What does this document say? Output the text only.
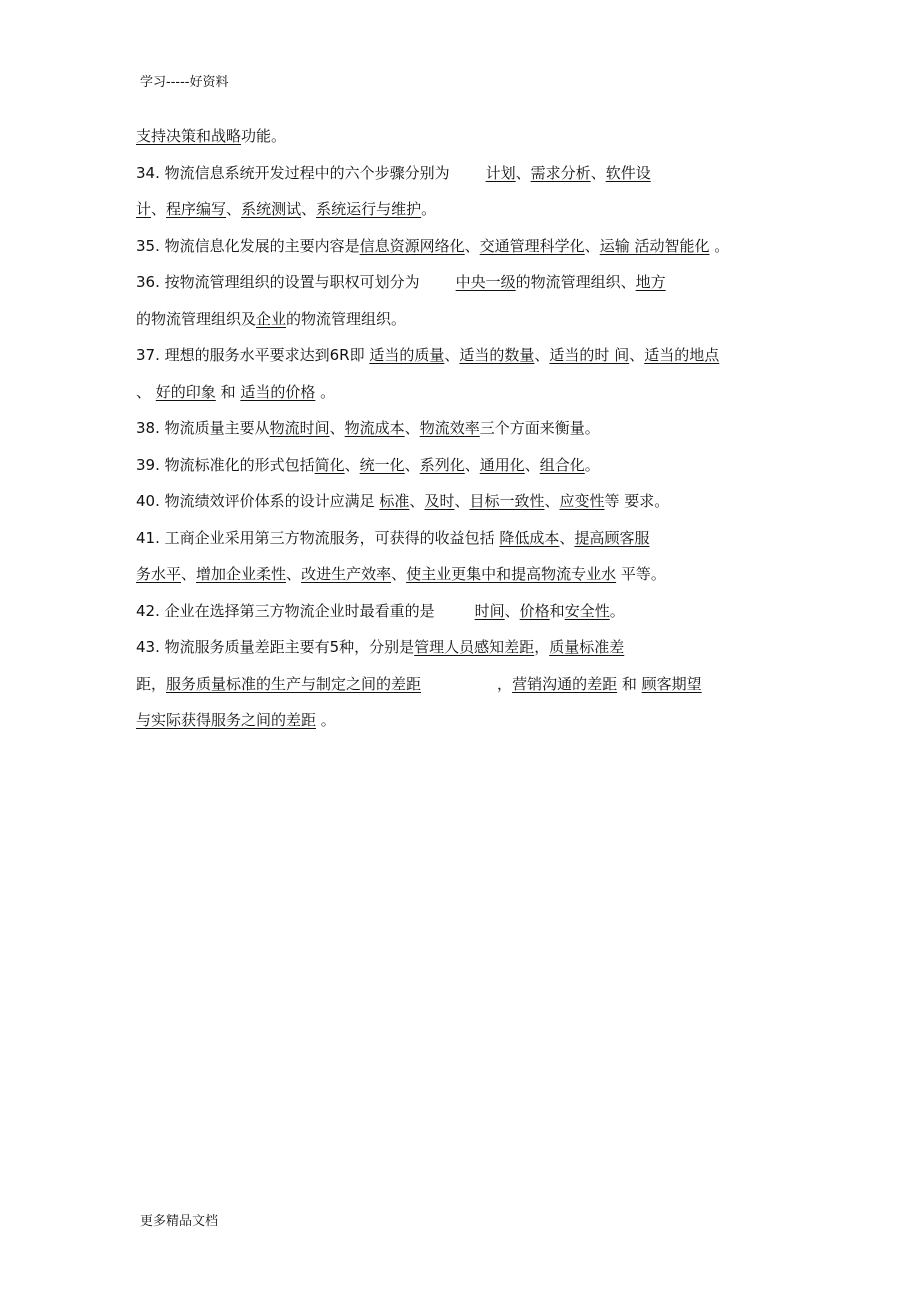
学习-----好资料
支持决策和战略功能。
34. 物流信息系统开发过程中的六个步骤分别为 计划、需求分析、软件设
计、程序编写、系统测试、系统运行与维护。
35. 物流信息化发展的主要内容是信息资源网络化、交通管理科学化、运输 活动智能化 。
36. 按物流管理组织的设置与职权可划分为 中央一级的物流管理组织、地方
的物流管理组织及企业的物流管理组织。
37. 理想的服务水平要求达到6R即 适当的质量、适当的数量、适当的时 间、适当的地点
、 好的印象 和 适当的价格 。
38. 物流质量主要从物流时间、物流成本、物流效率三个方面来衡量。
39. 物流标准化的形式包括简化、统一化、系列化、通用化、组合化。
40. 物流绩效评价体系的设计应满足 标准、及时、目标一致性、应变性等 要求。
41. 工商企业采用第三方物流服务，可获得的收益包括 降低成本、提高顾客服
务水平、增加企业柔性、改进生产效率、使主业更集中和提高物流专业水 平等。
42. 企业在选择第三方物流企业时最看重的是	时间、价格和安全性。
43. 物流服务质量差距主要有5种，分别是管理人员感知差距，质量标准差
距，服务质量标准的生产与制定之间的差距	，营销沟通的差距 和 顾客期望
与实际获得服务之间的差距 。
更多精品文档
